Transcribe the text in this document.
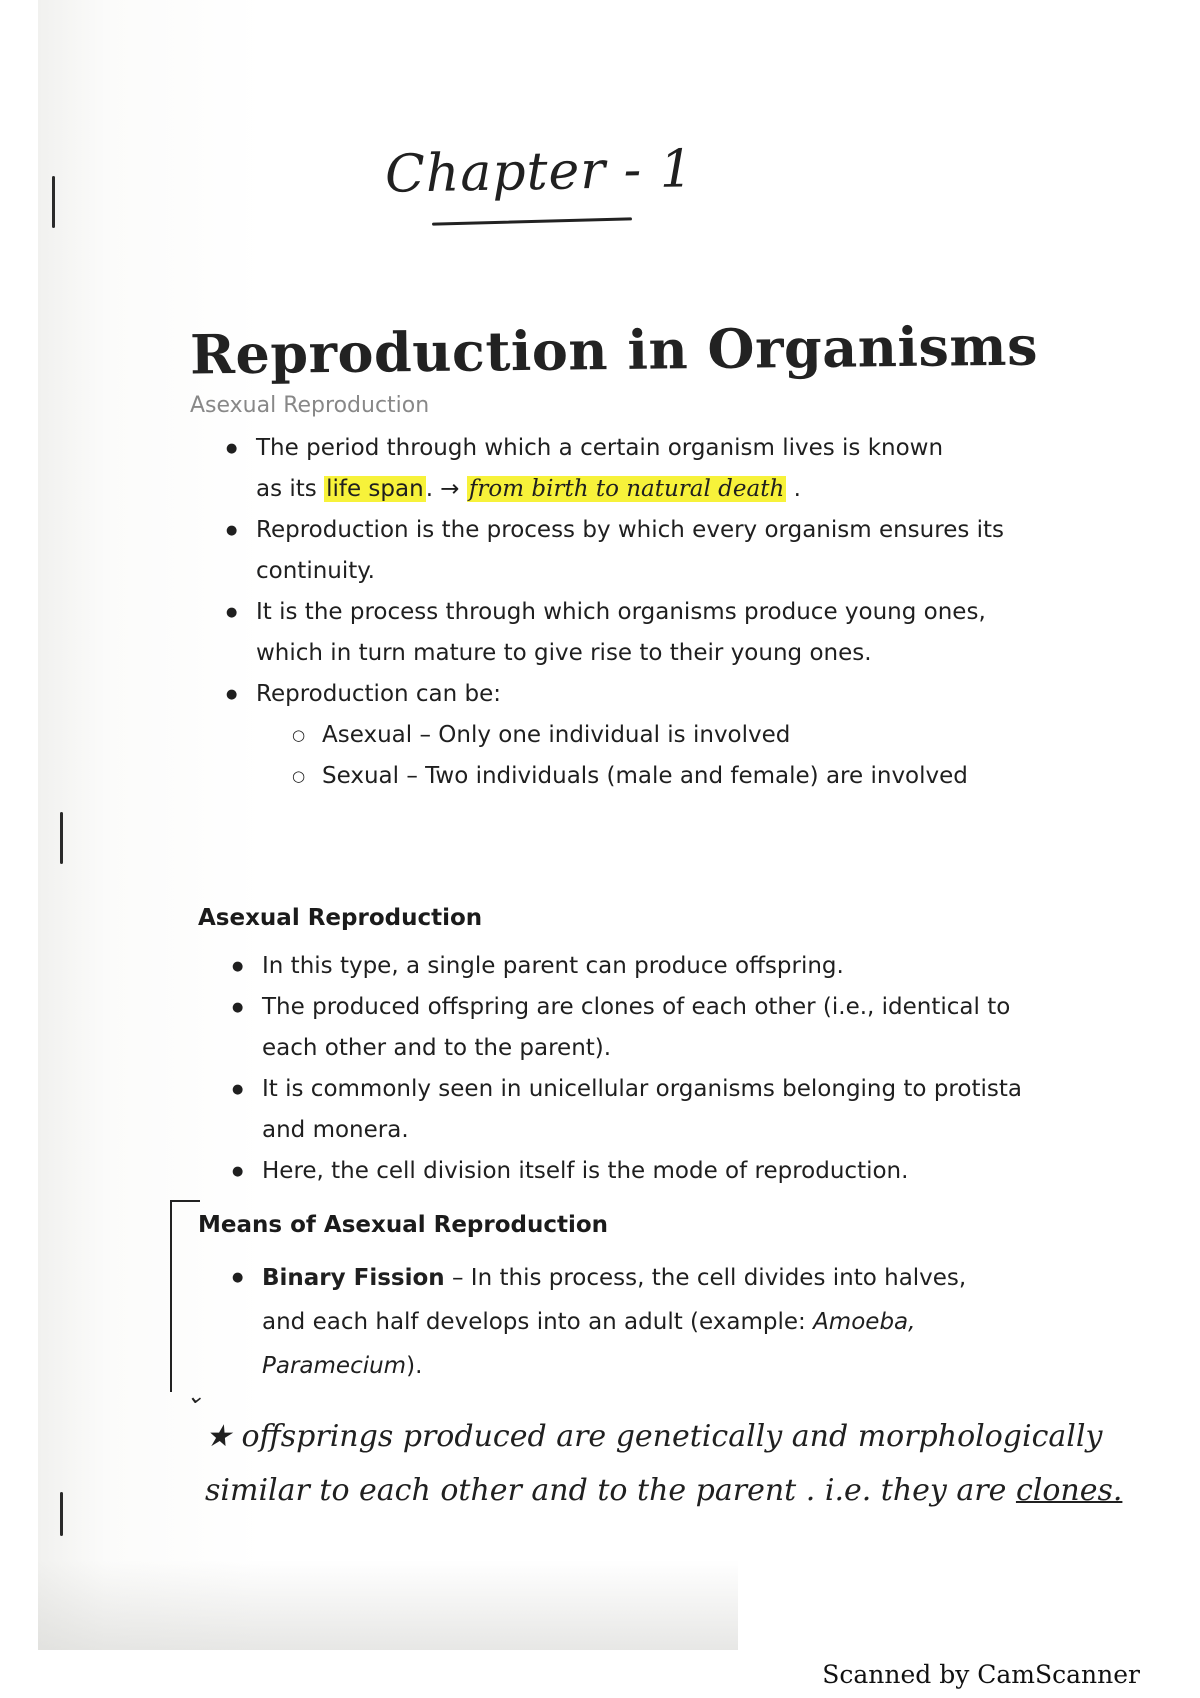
Chapter - 1
Reproduction in Organisms
Asexual Reproduction
● The period through which a certain organism lives is known
as its life span. → from birth to natural death .
● Reproduction is the process by which every organism ensures its continuity.
● It is the process through which organisms produce young ones, which in turn mature to give rise to their young ones.
● Reproduction can be:
○ Asexual – Only one individual is involved
○ Sexual – Two individuals (male and female) are involved
Asexual Reproduction
● In this type, a single parent can produce offspring.
● The produced offspring are clones of each other (i.e., identical to each other and to the parent).
● It is commonly seen in unicellular organisms belonging to protista and monera.
● Here, the cell division itself is the mode of reproduction.
Means of Asexual Reproduction
● Binary Fission – In this process, the cell divides into halves, and each half develops into an adult (example: Amoeba, Paramecium).
⌄
★ offsprings produced are genetically and morphologically similar to each other and to the parent . i.e. they are clones.
Scanned by CamScanner
